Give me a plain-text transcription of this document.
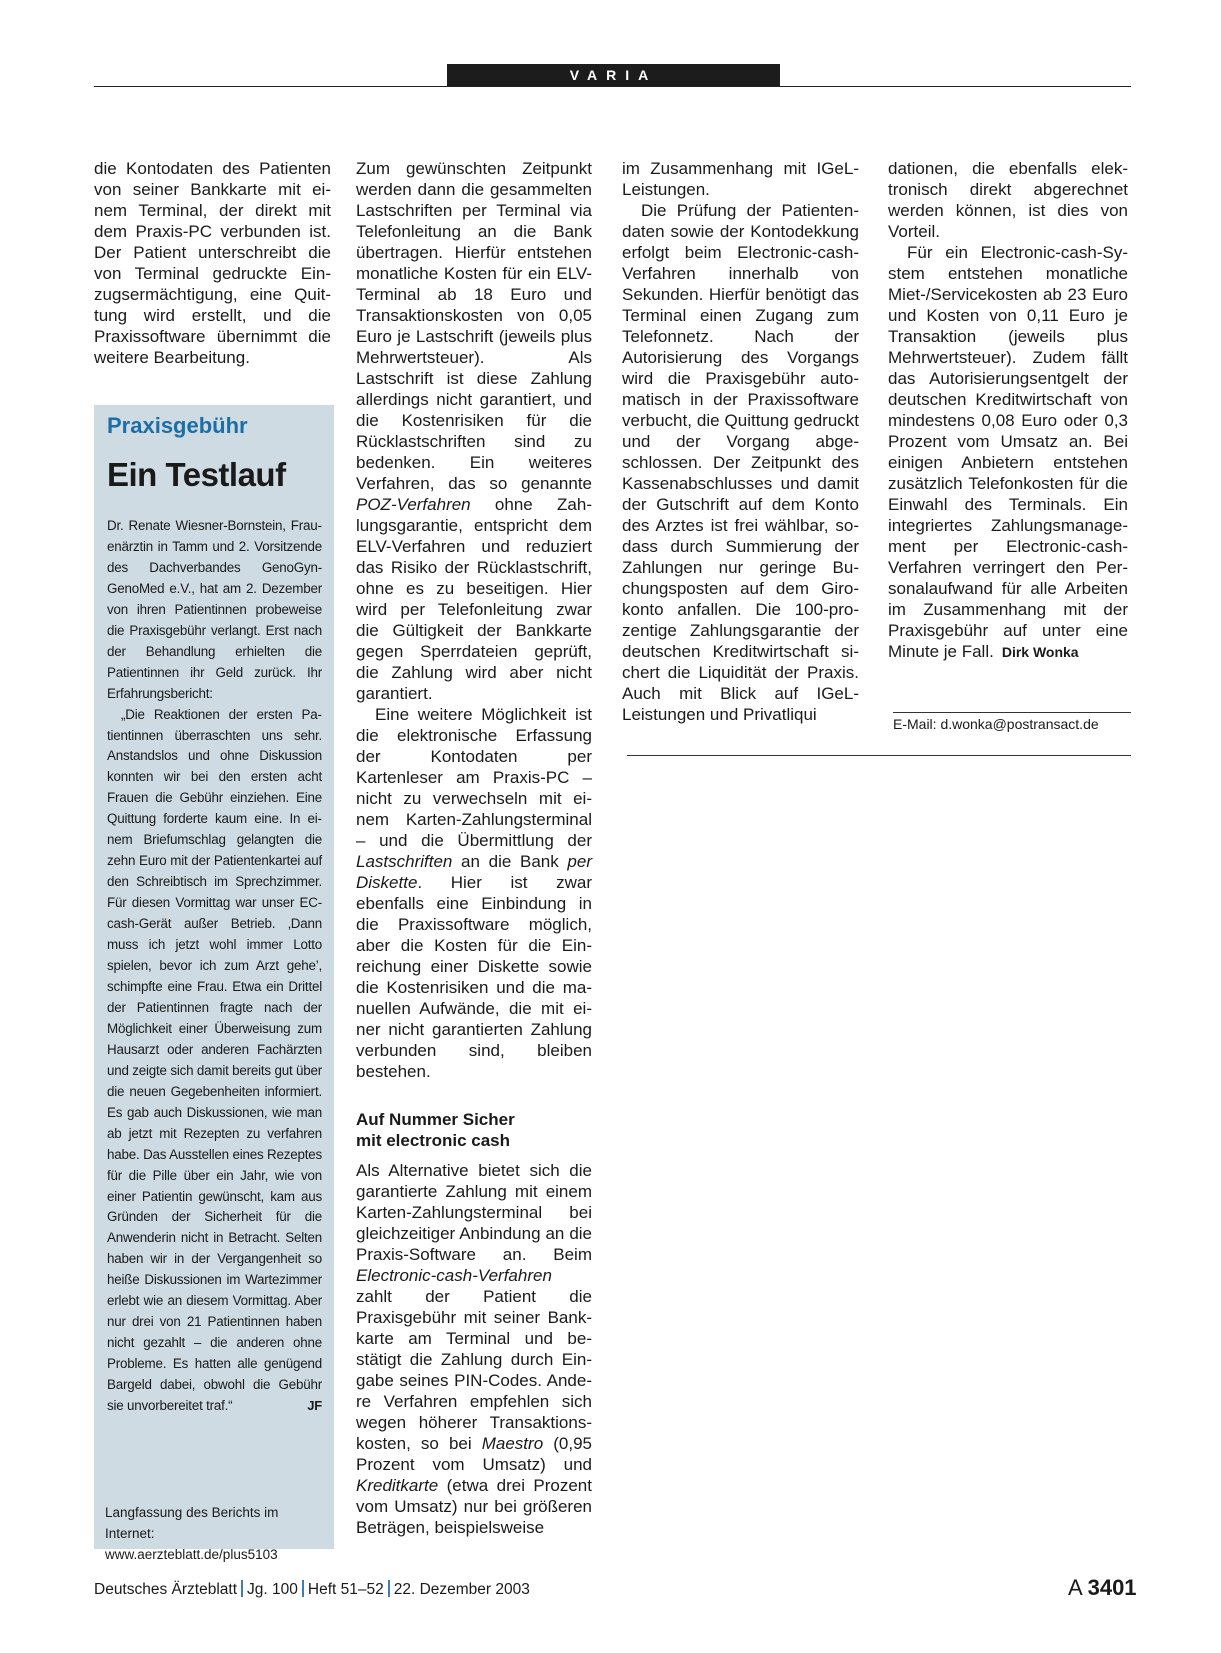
VARIA

die Kontodaten des Patienten von seiner Bankkarte mit einem Terminal, der direkt mit dem Praxis-PC verbunden ist. Der Patient unterschreibt die von Terminal gedruckte Einzugsermächtigung, eine Quittung wird erstellt, und die Praxissoftware übernimmt die weitere Bearbeitung.

Praxisgebühr
Ein Testlauf

Dr. Renate Wiesner-Bornstein, Frauenärztin in Tamm und 2. Vorsitzende des Dachverbandes GenoGyn-GenoMed e.V., hat am 2. Dezember von ihren Patientinnen probeweise die Praxisgebühr verlangt. Erst nach der Behandlung erhielten die Patientinnen ihr Geld zurück. Ihr Erfahrungsbericht:

„Die Reaktionen der ersten Patientinnen überraschten uns sehr. Anstandslos und ohne Diskussion konnten wir bei den ersten acht Frauen die Gebühr einziehen. Eine Quittung forderte kaum eine. In einem Briefumschlag gelangten die zehn Euro mit der Patientenkartei auf den Schreibtisch im Sprechzimmer. Für diesen Vormittag war unser EC-cash-Gerät außer Betrieb. ‚Dann muss ich jetzt wohl immer Lotto spielen, bevor ich zum Arzt gehe’, schimpfte eine Frau. Etwa ein Drittel der Patientinnen fragte nach der Möglichkeit einer Überweisung zum Hausarzt oder anderen Fachärzten und zeigte sich damit bereits gut über die neuen Gegebenheiten informiert. Es gab auch Diskussionen, wie man ab jetzt mit Rezepten zu verfahren habe. Das Ausstellen eines Rezeptes für die Pille über ein Jahr, wie von einer Patientin gewünscht, kam aus Gründen der Sicherheit für die Anwenderin nicht in Betracht. Selten haben wir in der Vergangenheit so heiße Diskussionen im Wartezimmer erlebt wie an diesem Vormittag. Aber nur drei von 21 Patientinnen haben nicht gezahlt – die anderen ohne Probleme. Es hatten alle genügend Bargeld dabei, obwohl die Gebühr sie unvorbereitet traf.“	JF

Langfassung des Berichts im Internet:
www.aerzteblatt.de/plus5103

Zum gewünschten Zeitpunkt werden dann die gesammelten Lastschriften per Terminal via Telefonleitung an die Bank übertragen. Hierfür entstehen monatliche Kosten für ein ELV-Terminal ab 18 Euro und Transaktionskosten von 0,05 Euro je Lastschrift (jeweils plus Mehrwertsteuer). Als Lastschrift ist diese Zahlung allerdings nicht garantiert, und die Kostenrisiken für die Rücklastschriften sind zu bedenken. Ein weiteres Verfahren, das so genannte POZ-Verfahren ohne Zahlungsgarantie, entspricht dem ELV-Verfahren und reduziert das Risiko der Rücklastschrift, ohne es zu beseitigen. Hier wird per Telefonleitung zwar die Gültigkeit der Bankkarte gegen Sperrdateien geprüft, die Zahlung wird aber nicht garantiert.

Eine weitere Möglichkeit ist die elektronische Erfassung der Kontodaten per Kartenleser am Praxis-PC – nicht zu verwechseln mit einem Karten-Zahlungsterminal – und die Übermittlung der Lastschriften an die Bank per Diskette. Hier ist zwar ebenfalls eine Einbindung in die Praxissoftware möglich, aber die Kosten für die Einreichung einer Diskette sowie die Kostenrisiken und die manuellen Aufwände, die mit einer nicht garantierten Zahlung verbunden sind, bleiben bestehen.

Auf Nummer Sicher
mit electronic cash

Als Alternative bietet sich die garantierte Zahlung mit einem Karten-Zahlungsterminal bei gleichzeitiger Anbindung an die Praxis-Software an. Beim Electronic-cash-Verfahren zahlt der Patient die Praxisgebühr mit seiner Bankkarte am Terminal und bestätigt die Zahlung durch Eingabe seines PIN-Codes. Andere Verfahren empfehlen sich wegen höherer Transaktionskosten, so bei Maestro (0,95 Prozent vom Umsatz) und Kreditkarte (etwa drei Prozent vom Umsatz) nur bei größeren Beträgen, beispielsweise

im Zusammenhang mit IGeL-Leistungen.

Die Prüfung der Patientendaten sowie der Kontodekkung erfolgt beim Electronic-cash-Verfahren innerhalb von Sekunden. Hierfür benötigt das Terminal einen Zugang zum Telefonnetz. Nach der Autorisierung des Vorgangs wird die Praxisgebühr automatisch in der Praxissoftware verbucht, die Quittung gedruckt und der Vorgang abgeschlossen. Der Zeitpunkt des Kassenabschlusses und damit der Gutschrift auf dem Konto des Arztes ist frei wählbar, sodass durch Summierung der Zahlungen nur geringe Buchungsposten auf dem Girokonto anfallen. Die 100-prozentige Zahlungsgarantie der deutschen Kreditwirtschaft sichert die Liquidität der Praxis. Auch mit Blick auf IGeL-Leistungen und Privatliqui

dationen, die ebenfalls elektronisch direkt abgerechnet werden können, ist dies von Vorteil.

Für ein Electronic-cash-System entstehen monatliche Miet-/Servicekosten ab 23 Euro und Kosten von 0,11 Euro je Transaktion (jeweils plus Mehrwertsteuer). Zudem fällt das Autorisierungsentgelt der deutschen Kreditwirtschaft von mindestens 0,08 Euro oder 0,3 Prozent vom Umsatz an. Bei einigen Anbietern entstehen zusätzlich Telefonkosten für die Einwahl des Terminals. Ein integriertes Zahlungsmanagement per Electronic-cash-Verfahren verringert den Personalaufwand für alle Arbeiten im Zusammenhang mit der Praxisgebühr auf unter eine Minute je Fall. Dirk Wonka

E-Mail: d.wonka@postransact.de
Deutsches Ärzteblatt Jg. 100 Heft 51–52 22. Dezember 2003	A 3401
